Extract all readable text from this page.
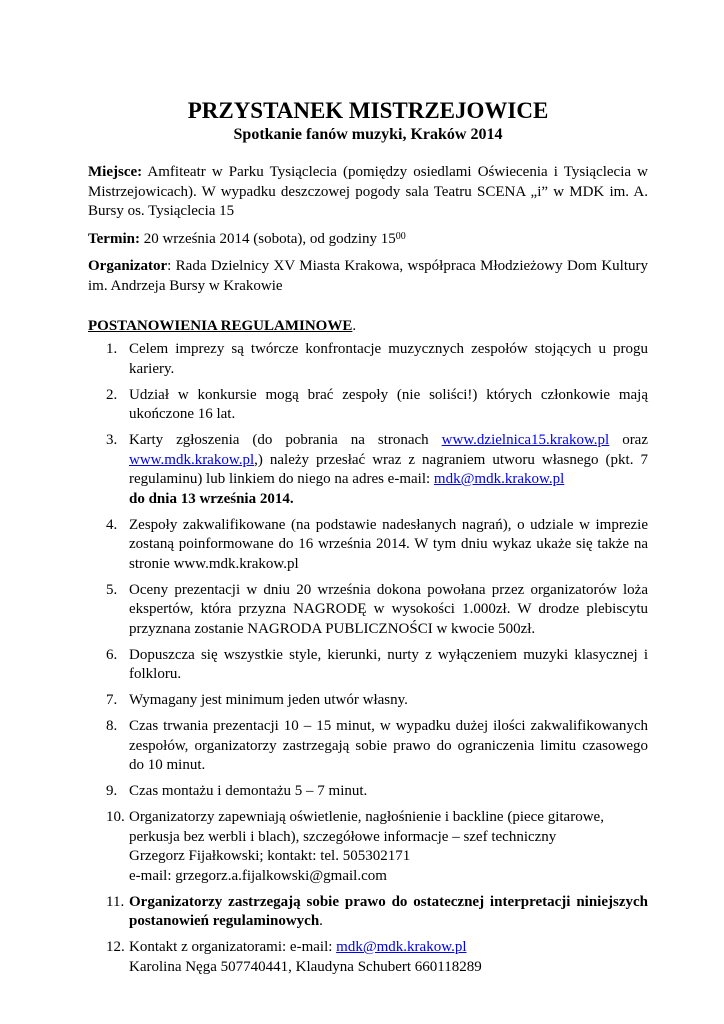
PRZYSTANEK MISTRZEJOWICE

Spotkanie fanów muzyki, Kraków 2014

Miejsce: Amfiteatr w Parku Tysiąclecia (pomiędzy osiedlami Oświecenia i Tysiąclecia w Mistrzejowicach). W wypadku deszczowej pogody sala Teatru SCENA „i” w MDK im. A. Bursy os. Tysiąclecia 15

Termin: 20 września 2014 (sobota), od godziny $15^{00}$

Organizator: Rada Dzielnicy XV Miasta Krakowa, współpraca Młodzieżowy Dom Kultury im. Andrzeja Bursy w Krakowie

POSTANOWIENIA REGULAMINOWE.

1. Celem imprezy są twórcze konfrontacje muzycznych zespołów stojących u progu kariery.
2. Udział w konkursie mogą brać zespoły (nie soliści!) których członkowie mają ukończone 16 lat.
3. Karty zgłoszenia (do pobrania na stronach www.dzielnica15.krakow.pl oraz www.mdk.krakow.pl,) należy przesłać wraz z nagraniem utworu własnego (pkt. 7 regulaminu) lub linkiem do niego na adres e-mail: mdk@mdk.krakow.pl
do dnia 13 września 2014.
4. Zespoły zakwalifikowane (na podstawie nadesłanych nagrań), o udziale w imprezie zostaną poinformowane do 16 września 2014. W tym dniu wykaz ukaże się także na stronie www.mdk.krakow.pl
5. Oceny prezentacji w dniu 20 września dokona powołana przez organizatorów loża ekspertów, która przyzna NAGRODĘ w wysokości 1.000zł. W drodze plebiscytu przyznana zostanie NAGRODA PUBLICZNOŚCI w kwocie 500zł.
6. Dopuszcza się wszystkie style, kierunki, nurty z wyłączeniem muzyki klasycznej i folkloru.
7. Wymagany jest minimum jeden utwór własny.
8. Czas trwania prezentacji 10 – 15 minut, w wypadku dużej ilości zakwalifikowanych zespołów, organizatorzy zastrzegają sobie prawo do ograniczenia limitu czasowego do 10 minut.
9. Czas montażu i demontażu 5 – 7 minut.
10. Organizatorzy zapewniają oświetlenie, nagłośnienie i backline (piece gitarowe, perkusja bez werbli i blach), szczegółowe informacje – szef techniczny
Grzegorz Fijałkowski; kontakt: tel. 505302171
e-mail: grzegorz.a.fijalkowski@gmail.com
11. Organizatorzy zastrzegają sobie prawo do ostatecznej interpretacji niniejszych postanowień regulaminowych.
12. Kontakt z organizatorami: e-mail: mdk@mdk.krakow.pl
Karolina Nęga 507740441, Klaudyna Schubert 660118289
